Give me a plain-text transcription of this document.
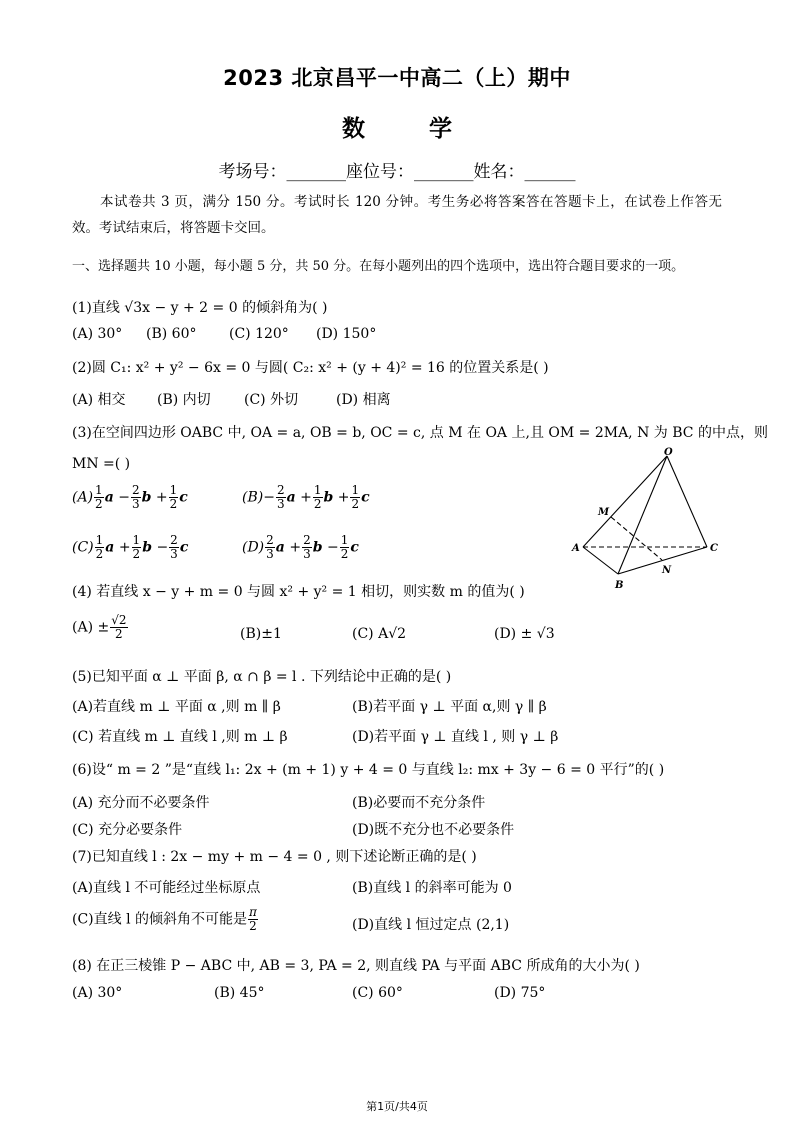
2023 北京昌平一中高二（上）期中
数 学
考场号：_______座位号：_______姓名：______
本试卷共 3 页，满分 150 分。考试时长 120 分钟。考生务必将答案答在答题卡上，在试卷上作答无效。考试结束后，将答题卡交回。
一、选择题共 10 小题，每小题 5 分，共 50 分。在每小题列出的四个选项中，选出符合题目要求的一项。
(1)直线 √3x − y + 2 = 0 的倾斜角为( )
(A) 30° (B) 60° (C) 120° (D) 150°
(2)圆 C₁: x² + y² − 6x = 0 与圆( C₂: x² + (y + 4)² = 16 的位置关系是( )
(A) 相交 (B) 内切 (C) 外切	(D) 相离
(3)在空间四边形 OABC 中, OA = a, OB = b, OC = c, 点 M 在 OA 上,且 OM = 2MA, N 为 BC 的中点，则
MN =( )
$(A) \frac{1}{2}$ $a - \frac{2}{3}$ $b + \frac{1}{2}$ c	$(B)- \frac{2}{3}$ $a + \frac{1}{2}$ $b + \frac{1}{2}$ c
$(C) \frac{1}{2}$ $a + \frac{1}{2}$ $b - \frac{2}{3}$ c	$(D) \frac{2}{3}$ $a + \frac{2}{3}$ $b - \frac{1}{2}$ c
O
M
A
B
C
N
(4) 若直线 x − y + m = 0 与圆 x² + y² = 1 相切，则实数 m 的值为( )
$(A) \pm \frac{√2}{2}$	(B)±1	(C) A√2	(D) ± √3
(5)已知平面 α ⊥ 平面 β, α ∩ β = l . 下列结论中正确的是( )
(A)若直线 m ⊥ 平面 α ,则 m ∥ β	(B)若平面 γ ⊥ 平面 α,则 γ ∥ β
(C) 若直线 m ⊥ 直线 l ,则 m ⊥ β	(D)若平面 γ ⊥ 直线 l , 则 γ ⊥ β
(6)设“ m = 2 ”是“直线 l₁: 2x + (m + 1) y + 4 = 0 与直线 l₂: mx + 3y − 6 = 0 平行”的( )
(A) 充分而不必要条件	(B)必要而不充分条件
(C) 充分必要条件	(D)既不充分也不必要条件
(7)已知直线 l : 2x − my + m − 4 = 0 , 则下述论断正确的是( )
(A)直线 l 不可能经过坐标原点	(B)直线 l 的斜率可能为 0
(C)直线 l 的倾斜角不可能是 $\frac{\pi}{2}$	(D)直线 l 恒过定点 (2,1)
(8) 在正三棱锥 P − ABC 中, AB = 3, PA = 2, 则直线 PA 与平面 ABC 所成角的大小为( )
(A) 30°	(B) 45°	(C) 60°	(D) 75°
第1页/共4页
